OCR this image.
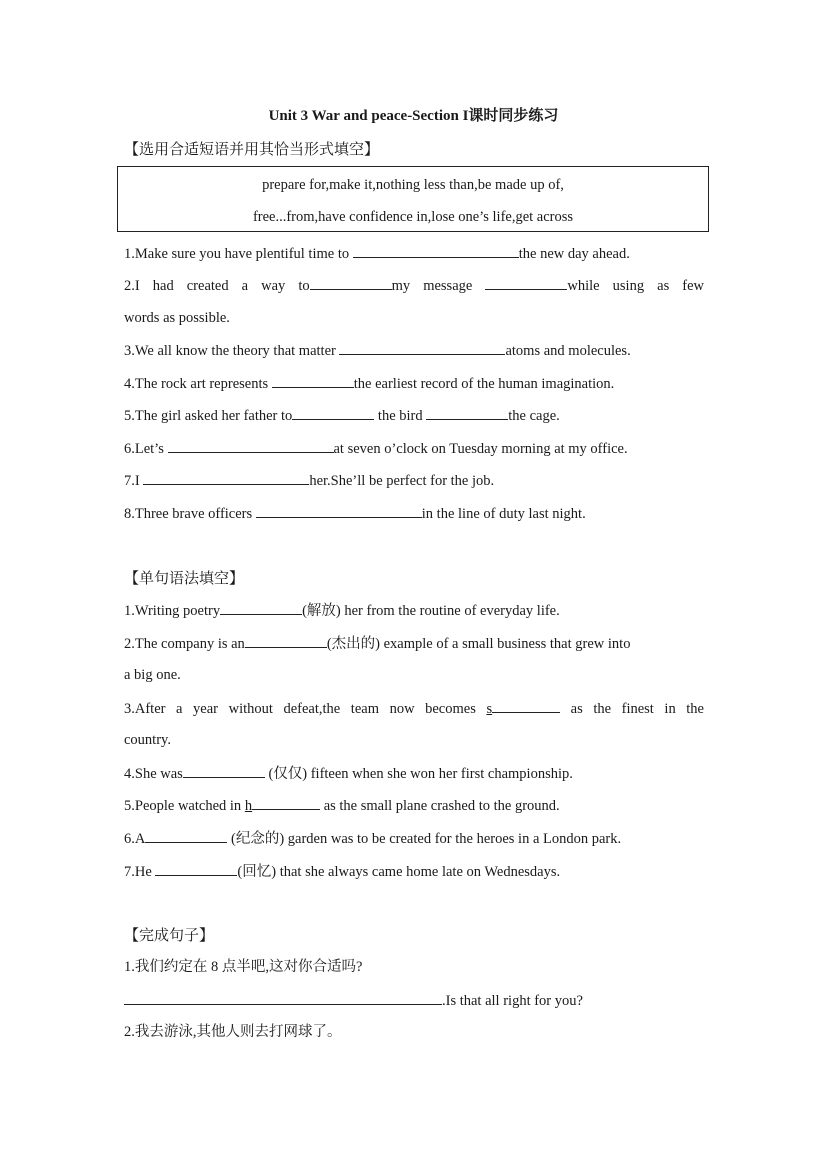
Unit 3 War and peace-Section I课时同步练习
【选用合适短语并用其恰当形式填空】
prepare for,make it,nothing less than,be made up of,
free...from,have confidence in,lose one’s life,get across
1.Make sure you have plentiful time to	the new day ahead.
2.I had created a way to	my message	while using as few
words as possible.
3.We all know the theory that matter	atoms and molecules.
4.The rock art represents	the earliest record of the human imagination.
5.The girl asked her father to	the bird	the cage.
6.Let’s	at seven o’clock on Tuesday morning at my office.
7.I	her.She’ll be perfect for the job.
8.Three brave officers	in the line of duty last night.
【单句语法填空】
1.Writing poetry	(解放) her from the routine of everyday life.
2.The company is an	(杰出的) example of a small business that grew into
a big one.
3.After a year without defeat,the team now becomes s	as the finest in the
country.
4.She was	(仅仅) fifteen when she won her first championship.
5.People watched in h	as the small plane crashed to the ground.
6.A	(纪念的) garden was to be created for the heroes in a London park.
7.He	(回忆) that she always came home late on Wednesdays.
【完成句子】
1.我们约定在 8 点半吧,这对你合适吗?
.Is that all right for you?
2.我去游泳,其他人则去打网球了。
